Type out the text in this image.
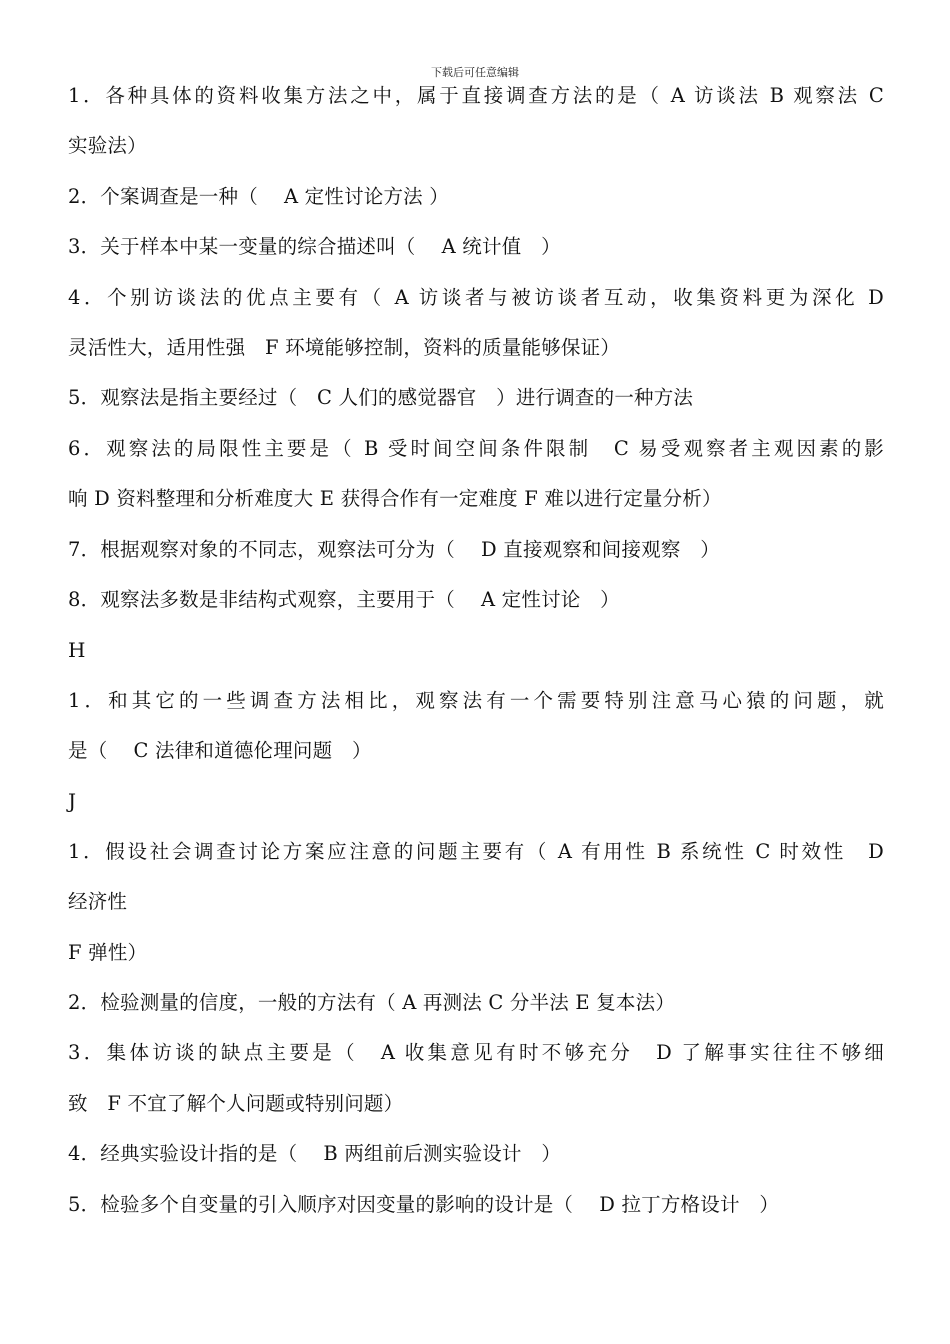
下载后可任意编辑
1．各种具体的资料收集方法之中，属于直接调查方法的是（ A 访谈法 B 观察法 C
实验法）
2．个案调查是一种（　 A 定性讨论方法 ）
3．关于样本中某一变量的综合描述叫（　 A 统计值　）
4．个别访谈法的优点主要有（ A 访谈者与被访谈者互动，收集资料更为深化 D
灵活性大，适用性强　F 环境能够控制，资料的质量能够保证）
5．观察法是指主要经过（　C 人们的感觉器官　）进行调查的一种方法
6．观察法的局限性主要是（ B 受时间空间条件限制　C 易受观察者主观因素的影
响 D 资料整理和分析难度大 E 获得合作有一定难度 F 难以进行定量分析）
7．根据观察对象的不同志，观察法可分为（　 D 直接观察和间接观察　）
8．观察法多数是非结构式观察，主要用于（　 A 定性讨论　）
H
1．和其它的一些调查方法相比，观察法有一个需要特别注意马心猿的问题，就
是（　 C 法律和道德伦理问题　）
J
1．假设社会调查讨论方案应注意的问题主要有（ A 有用性 B 系统性 C 时效性　D
经济性
F 弹性）
2．检验测量的信度，一般的方法有（ A 再测法 C 分半法 E 复本法）
3．集体访谈的缺点主要是（　A 收集意见有时不够充分　D 了解事实往往不够细
致　F 不宜了解个人问题或特别问题）
4．经典实验设计指的是（　 B 两组前后测实验设计　）
5．检验多个自变量的引入顺序对因变量的影响的设计是（　 D 拉丁方格设计　）
